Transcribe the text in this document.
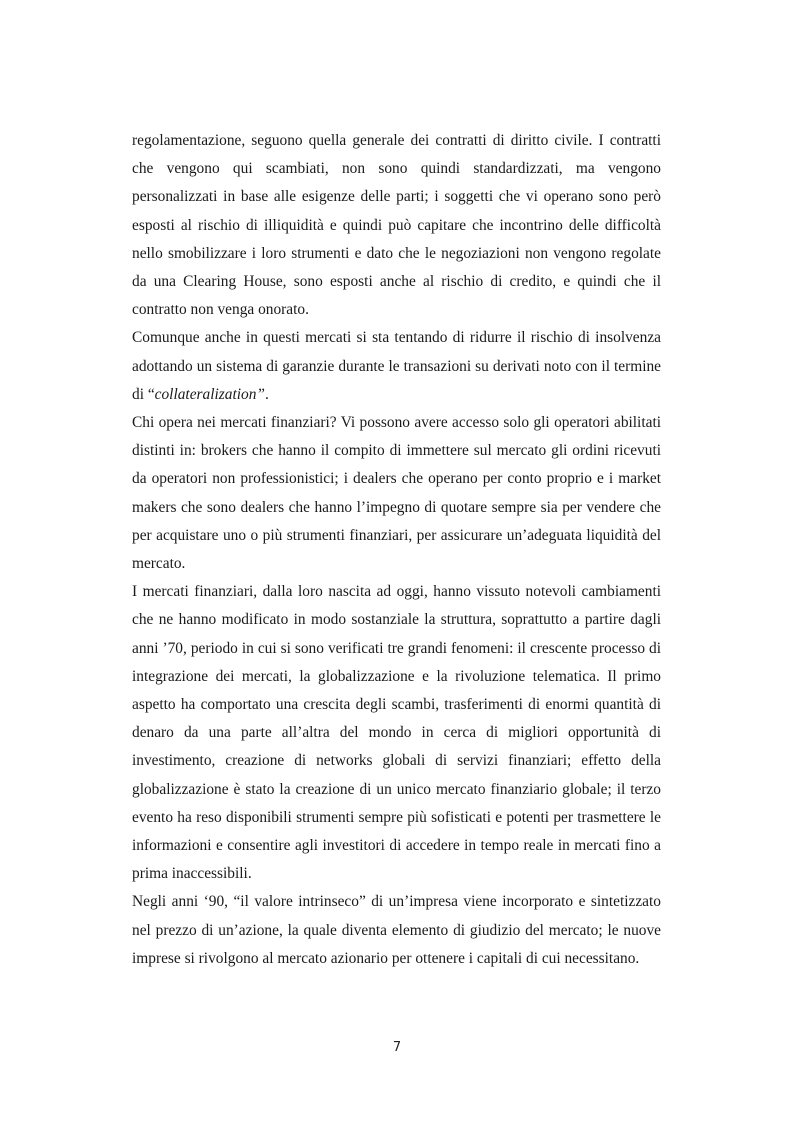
regolamentazione, seguono quella generale dei contratti di diritto civile. I contratti che vengono qui scambiati, non sono quindi standardizzati, ma vengono personalizzati in base alle esigenze delle parti; i soggetti che vi operano sono però esposti al rischio di illiquidità e quindi può capitare che incontrino delle difficoltà nello smobilizzare i loro strumenti e dato che le negoziazioni non vengono regolate da una Clearing House, sono esposti anche al rischio di credito, e quindi che il contratto non venga onorato.

Comunque anche in questi mercati si sta tentando di ridurre il rischio di insolvenza adottando un sistema di garanzie durante le transazioni su derivati noto con il termine di “collateralization”.

Chi opera nei mercati finanziari? Vi possono avere accesso solo gli operatori abilitati distinti in: brokers che hanno il compito di immettere sul mercato gli ordini ricevuti da operatori non professionistici; i dealers che operano per conto proprio e i market makers che sono dealers che hanno l’impegno di quotare sempre sia per vendere che per acquistare uno o più strumenti finanziari, per assicurare un’adeguata liquidità del mercato.

I mercati finanziari, dalla loro nascita ad oggi, hanno vissuto notevoli cambiamenti che ne hanno modificato in modo sostanziale la struttura, soprattutto a partire dagli anni ’70, periodo in cui si sono verificati tre grandi fenomeni: il crescente processo di integrazione dei mercati, la globalizzazione e la rivoluzione telematica. Il primo aspetto ha comportato una crescita degli scambi, trasferimenti di enormi quantità di denaro da una parte all’altra del mondo in cerca di migliori opportunità di investimento, creazione di networks globali di servizi finanziari; effetto della globalizzazione è stato la creazione di un unico mercato finanziario globale; il terzo evento ha reso disponibili strumenti sempre più sofisticati e potenti per trasmettere le informazioni e consentire agli investitori di accedere in tempo reale in mercati fino a prima inaccessibili.

Negli anni ‘90, “il valore intrinseco” di un’impresa viene incorporato e sintetizzato nel prezzo di un’azione, la quale diventa elemento di giudizio del mercato; le nuove imprese si rivolgono al mercato azionario per ottenere i capitali di cui necessitano.

7
